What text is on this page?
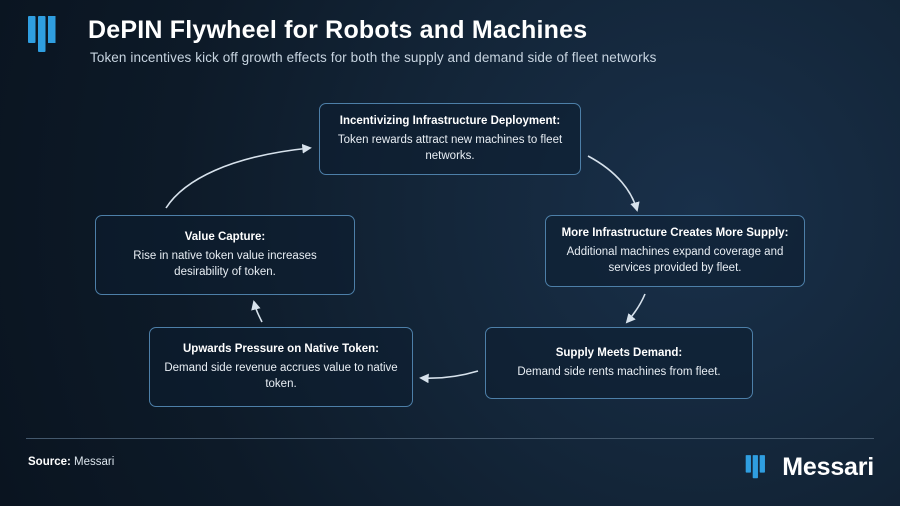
DePIN Flywheel for Robots and Machines
Token incentives kick off growth effects for both the supply and demand side of fleet networks
Incentivizing Infrastructure Deployment:
Token rewards attract new machines to fleet networks.
More Infrastructure Creates More Supply:
Additional machines expand coverage and services provided by fleet.
Supply Meets Demand:
Demand side rents machines from fleet.
Upwards Pressure on Native Token:
Demand side revenue accrues value to native token.
Value Capture:
Rise in native token value increases desirability of token.
Source: Messari	Messari
